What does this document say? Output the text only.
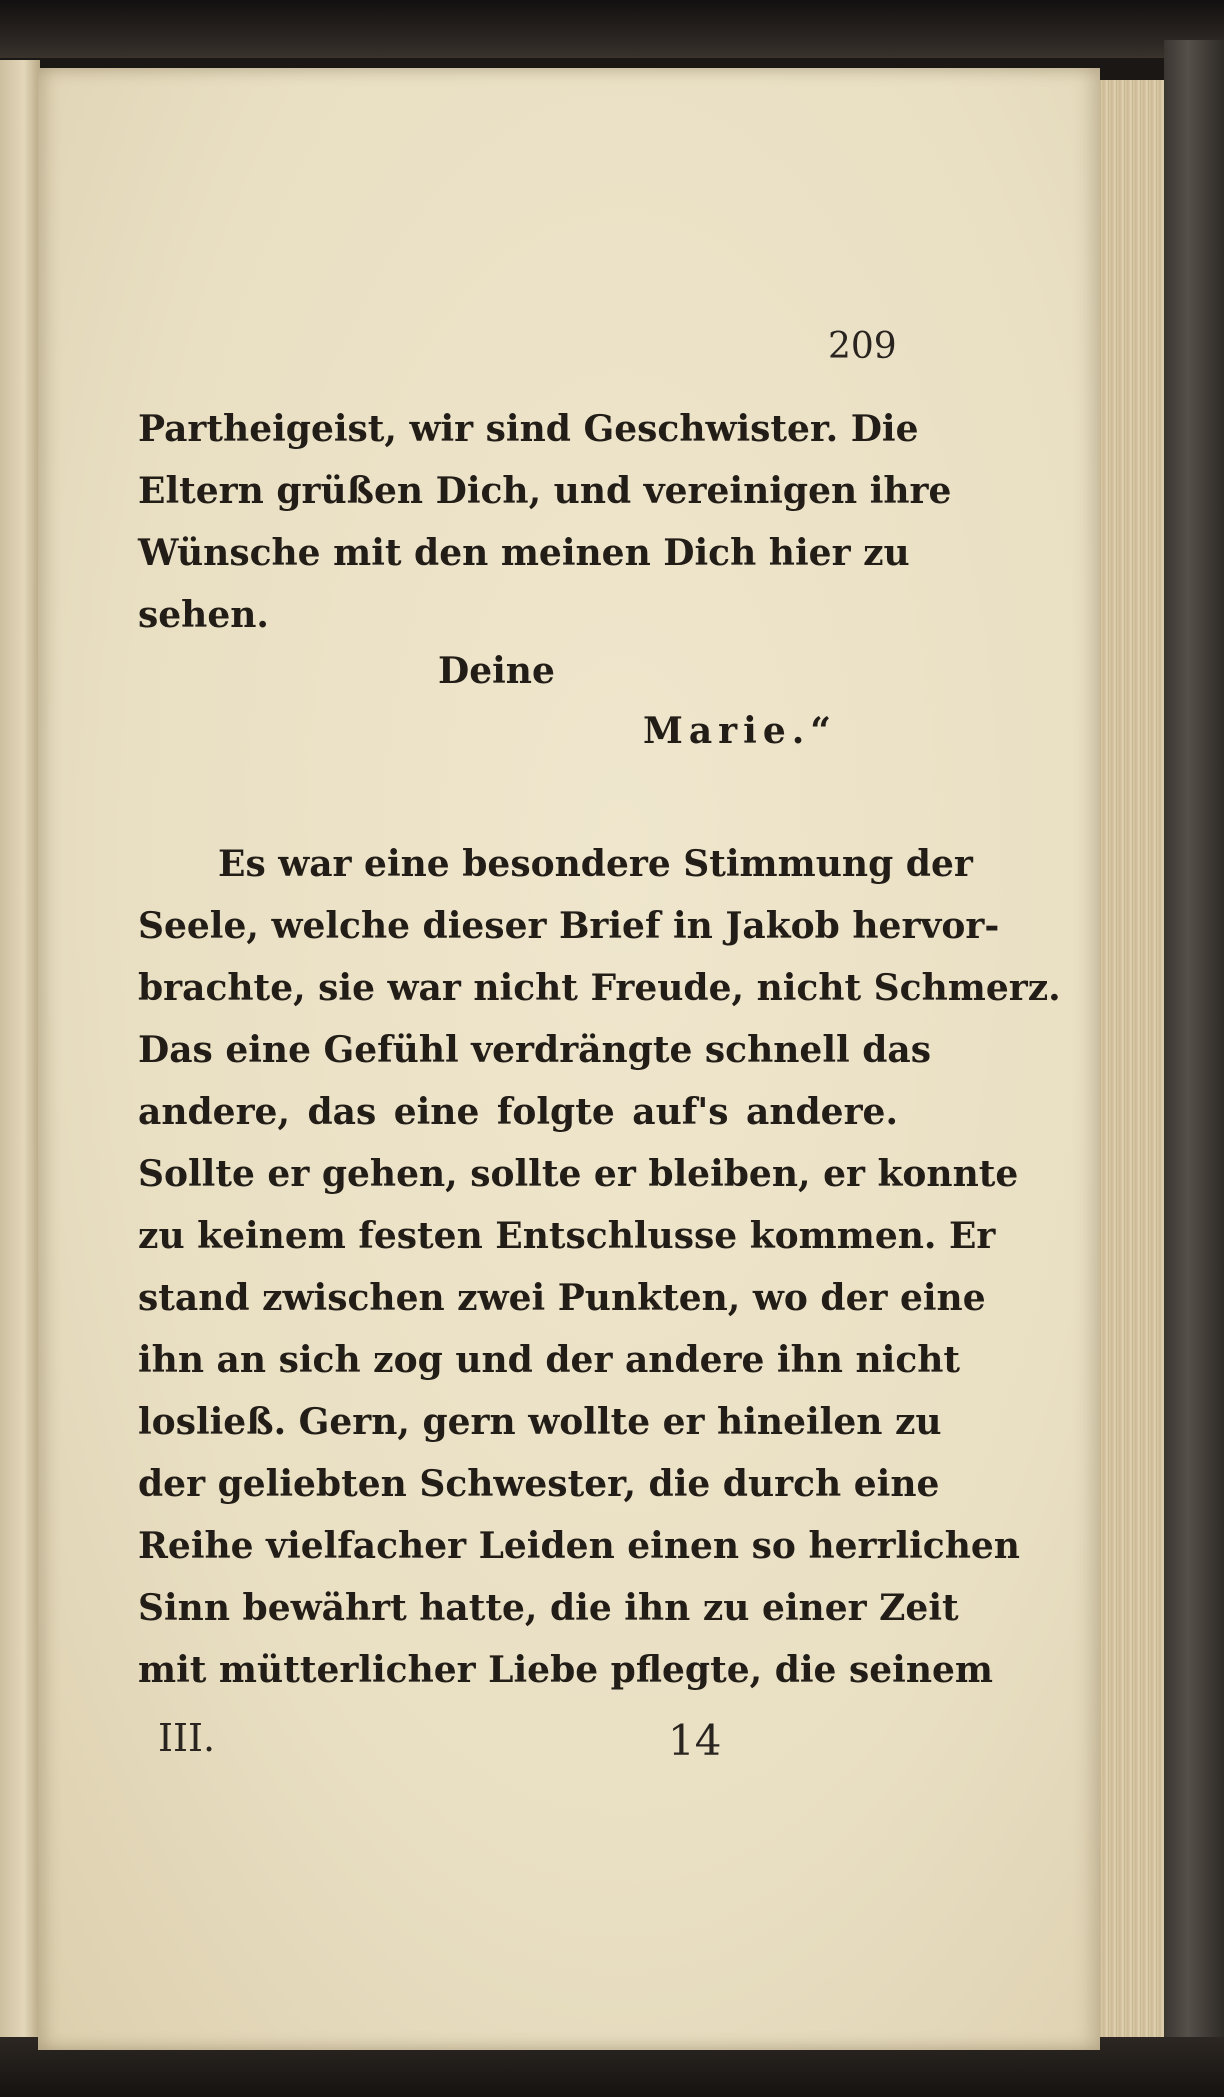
209
Partheigeist, wir sind Geschwister. Die
Eltern grüßen Dich, und vereinigen ihre
Wünsche mit den meinen Dich hier zu
sehen.
Deine
Marie.“
Es war eine besondere Stimmung der
Seele, welche dieser Brief in Jakob hervor-
brachte, sie war nicht Freude, nicht Schmerz.
Das eine Gefühl verdrängte schnell das
andere, das eine folgte auf's andere.
Sollte er gehen, sollte er bleiben, er konnte
zu keinem festen Entschlusse kommen. Er
stand zwischen zwei Punkten, wo der eine
ihn an sich zog und der andere ihn nicht
losließ. Gern, gern wollte er hineilen zu
der geliebten Schwester, die durch eine
Reihe vielfacher Leiden einen so herrlichen
Sinn bewährt hatte, die ihn zu einer Zeit
mit mütterlicher Liebe pflegte, die seinem
III.	14
